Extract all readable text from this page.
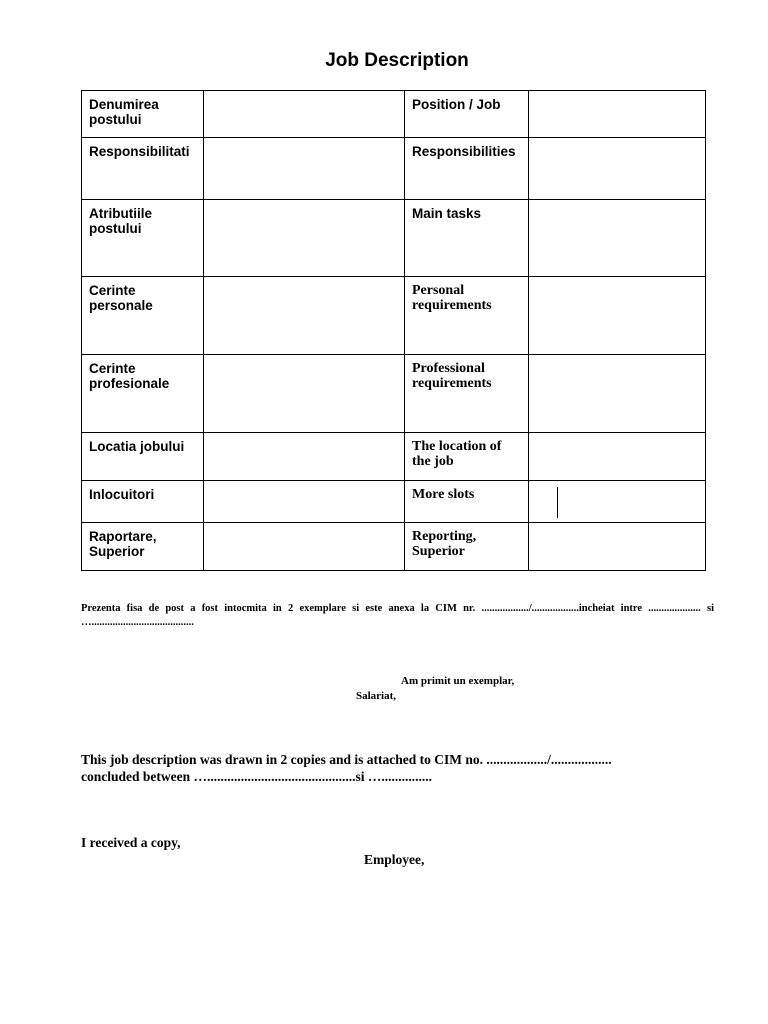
Job Description
Denumirea postului		Position / Job	
Responsibilitati		Responsibilities	
Atributiile postului		Main tasks	
Cerinte personale		Personal requirements	
Cerinte profesionale		Professional requirements	
Locatia jobului		The location of the job	
Inlocuitori		More slots	

Raportare, Superior		Reporting, Superior	
Prezenta fisa de post a fost intocmita in 2 exemplare si este anexa la CIM nr. ................../..................incheiat intre .................... si ….......................................
Am primit un exemplar,
Salariat,
This job description was drawn in 2 copies and is attached to CIM no. ................../..................
concluded between …............................................si …...............
I received a copy,
Employee,
